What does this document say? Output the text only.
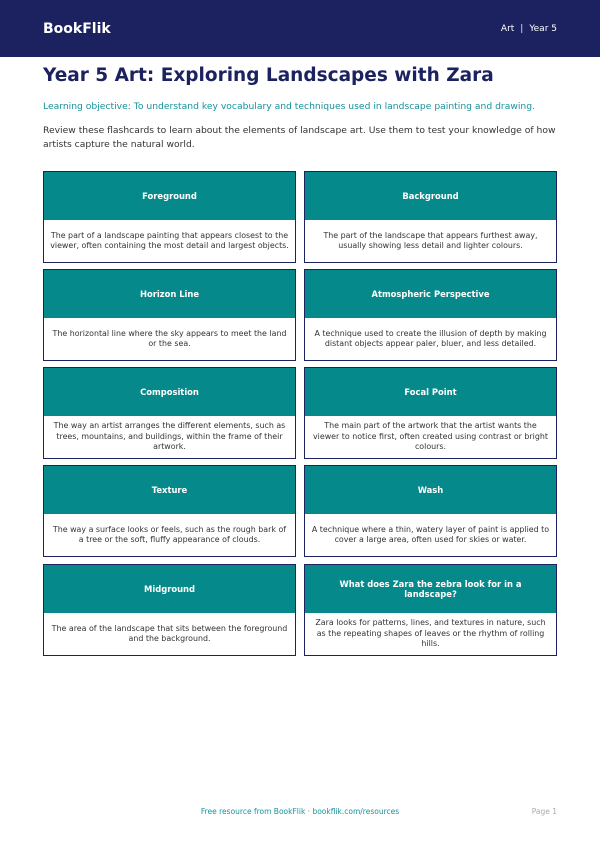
BookFlik	Art | Year 5
Year 5 Art: Exploring Landscapes with Zara
Learning objective: To understand key vocabulary and techniques used in landscape painting and drawing.
Review these flashcards to learn about the elements of landscape art. Use them to test your knowledge of how artists capture the natural world.
Foreground
The part of a landscape painting that appears closest to the viewer, often containing the most detail and largest objects.
Background
The part of the landscape that appears furthest away, usually showing less detail and lighter colours.
Horizon Line
The horizontal line where the sky appears to meet the land or the sea.
Atmospheric Perspective
A technique used to create the illusion of depth by making distant objects appear paler, bluer, and less detailed.
Composition
The way an artist arranges the different elements, such as trees, mountains, and buildings, within the frame of their artwork.
Focal Point
The main part of the artwork that the artist wants the viewer to notice first, often created using contrast or bright colours.
Texture
The way a surface looks or feels, such as the rough bark of a tree or the soft, fluffy appearance of clouds.
Wash
A technique where a thin, watery layer of paint is applied to cover a large area, often used for skies or water.
Midground
The area of the landscape that sits between the foreground and the background.
What does Zara the zebra look for in a landscape?
Zara looks for patterns, lines, and textures in nature, such as the repeating shapes of leaves or the rhythm of rolling hills.
Free resource from BookFlik · bookflik.com/resources	Page 1
